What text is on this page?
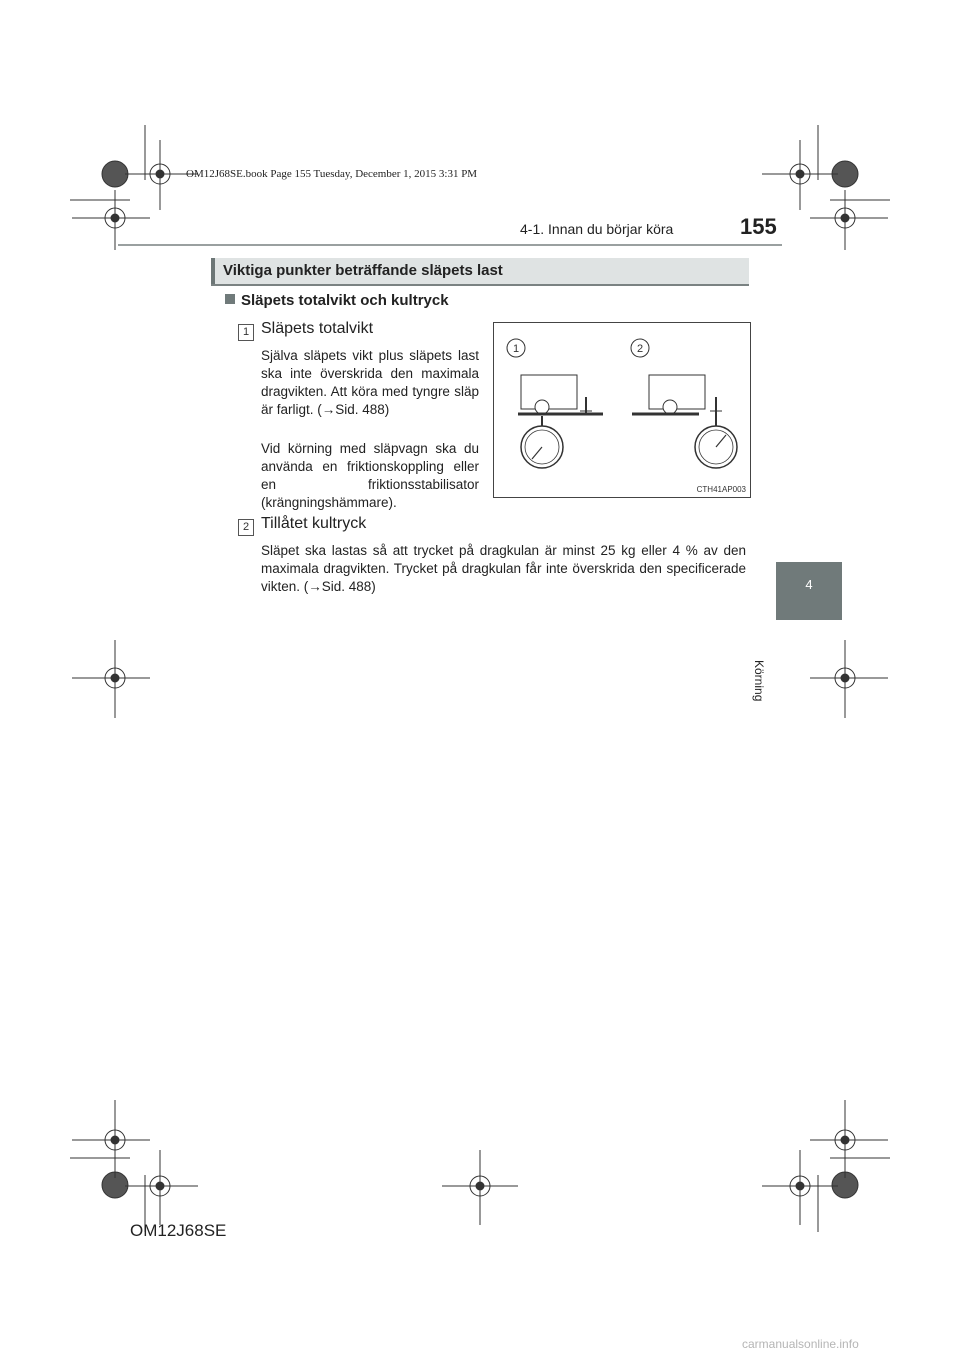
OM12J68SE.book Page 155 Tuesday, December 1, 2015 3:31 PM
4-1. Innan du börjar köra	155
4
Körning
Viktiga punkter beträffande släpets last
Släpets totalvikt och kultryck
1 Släpets totalvikt
Själva släpets vikt plus släpets last ska inte överskrida den maximala dragvikten. Att köra med tyngre släp är farligt. (→Sid. 488)
Vid körning med släpvagn ska du använda en friktionskoppling eller en friktionsstabilisator (krängningshämmare).
1	2
CTH41AP003
2 Tillåtet kultryck
Släpet ska lastas så att trycket på dragkulan är minst 25 kg eller 4 % av den maximala dragvikten. Trycket på dragkulan får inte överskrida den specificerade vikten. (→Sid. 488)
OM12J68SE
carmanualsonline.info
